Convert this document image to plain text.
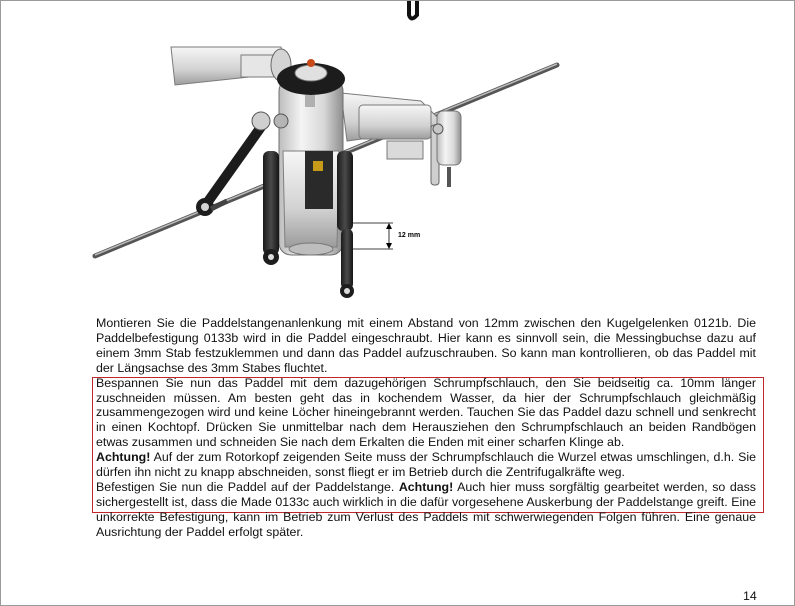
12 mm

Montieren Sie die Paddelstangenanlenkung mit einem Abstand von 12mm zwischen den Kugelgelenken 0121b. Die Paddelbefestigung 0133b wird in die Paddel eingeschraubt. Hier kann es sinnvoll sein, die Messingbuchse dazu auf einem 3mm Stab festzuklemmen und dann das Paddel aufzuschrauben. So kann man kontrollieren, ob das Paddel mit der Längsachse des 3mm Stabes fluchtet.

Bespannen Sie nun das Paddel mit dem dazugehörigen Schrumpfschlauch, den Sie beidseitig ca. 10mm länger zuschneiden müssen. Am besten geht das in kochendem Wasser, da hier der Schrumpfschlauch gleichmäßig zusammengezogen wird und keine Löcher hineingebrannt werden. Tauchen Sie das Paddel dazu schnell und senkrecht in einen Kochtopf. Drücken Sie unmittelbar nach dem Herausziehen den Schrumpfschlauch an beiden Randbögen etwas zusammen und schneiden Sie nach dem Erkalten die Enden mit einer scharfen Klinge ab.

Achtung! Auf der zum Rotorkopf zeigenden Seite muss der Schrumpfschlauch die Wurzel etwas umschlingen, d.h. Sie dürfen ihn nicht zu knapp abschneiden, sonst fliegt er im Betrieb durch die Zentrifugalkräfte weg.

Befestigen Sie nun die Paddel auf der Paddelstange. Achtung! Auch hier muss sorgfältig gearbeitet werden, so dass sichergestellt ist, dass die Made 0133c auch wirklich in die dafür vorgesehene Auskerbung der Paddelstange greift. Eine unkorrekte Befestigung, kann im Betrieb zum Verlust des Paddels mit schwerwiegenden Folgen führen. Eine genaue Ausrichtung der Paddel erfolgt später.

14
